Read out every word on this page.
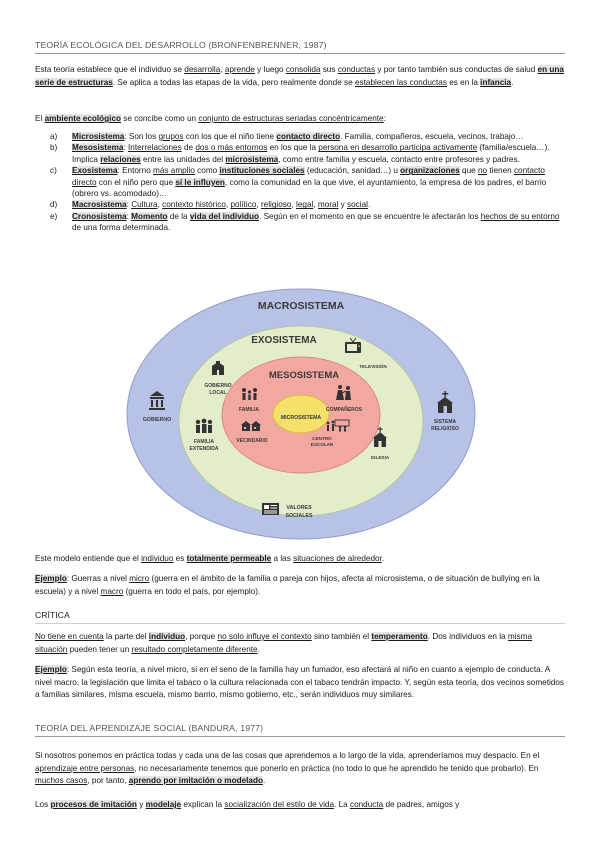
TEORÍA ECOLÓGICA DEL DESARROLLO (BRONFENBRENNER, 1987)
Esta teoría establece que el individuo se desarrolla, aprende y luego consolida sus conductas y por tanto también sus conductas de salud en una serie de estructuras. Se aplica a todas las etapas de la vida, pero realmente donde se establecen las conductas es en la infancia.
El ambiente ecológico se concibe como un conjunto de estructuras seriadas concéntricamente:
a) Microsistema: Son los grupos con los que el niño tiene contacto directo. Familia, compañeros, escuela, vecinos, trabajo…
b) Mesosistema: Interrelaciones de dos o más entornos en los que la persona en desarrollo participa activamente (familia/escuela…). Implica relaciones entre las unidades del microsistema, como entre familia y escuela, contacto entre profesores y padres.
c) Exosistema: Entorno más amplio como instituciones sociales (educación, sanidad…) u organizaciones que no tienen contacto directo con el niño pero que sí le influyen, como la comunidad en la que vive, el ayuntamiento, la empresa de los padres, el barrio (obrero vs. acomodado)…
d) Macrosistema: Cultura, contexto histórico, político, religioso, legal, moral y social.
e) Cronosistema: Momento de la vida del individuo. Según en el momento en que se encuentre le afectarán los hechos de su entorno de una forma determinada.
MACROSISTEMA
EXOSISTEMA
MESOSISTEMA
MICROSISTEMA
GOBIERNO
GOBIERNO
LOCAL
FAMILIA
EXTENDIDA
FAMILIA
VECINDARIO
COMPAÑEROS
CENTRO
ESCOLAR
TELEVISIÓN
IGLESIA
SISTEMA
RELIGIOSO
VALORES
SOCIALES
Este modelo entiende que el individuo es totalmente permeable a las situaciones de alrededor.
Ejemplo: Guerras a nivel micro (guerra en el ámbito de la familia o pareja con hijos, afecta al microsistema, o de situación de bullying en la escuela) y a nivel macro (guerra en todo el país, por ejemplo).
CRÍTICA
No tiene en cuenta la parte del individuo, porque no solo influye el contexto sino también el temperamento. Dos individuos en la misma situación pueden tener un resultado completamente diferente.
Ejemplo: Según esta teoría, a nivel micro, si en el seno de la familia hay un fumador, eso afectará al niño en cuanto a ejemplo de conducta. A nivel macro, la legislación que limita el tabaco o la cultura relacionada con el tabaco tendrán impacto. Y, según esta teoría, dos vecinos sometidos a familias similares, misma escuela, mismo barrio, mismo gobierno, etc., serán individuos muy similares.
TEORÍA DEL APRENDIZAJE SOCIAL (BANDURA, 1977)
Si nosotros ponemos en práctica todas y cada una de las cosas que aprendemos a lo largo de la vida, aprenderíamos muy despacio. En el aprendizaje entre personas, no necesariamente tenemos que ponerlo en práctica (no todo lo que he aprendido he tenido que probarlo). En muchos casos, por tanto, aprendo por imitación o modelado.
Los procesos de imitación y modelaje explican la socialización del estilo de vida. La conducta de padres, amigos y
